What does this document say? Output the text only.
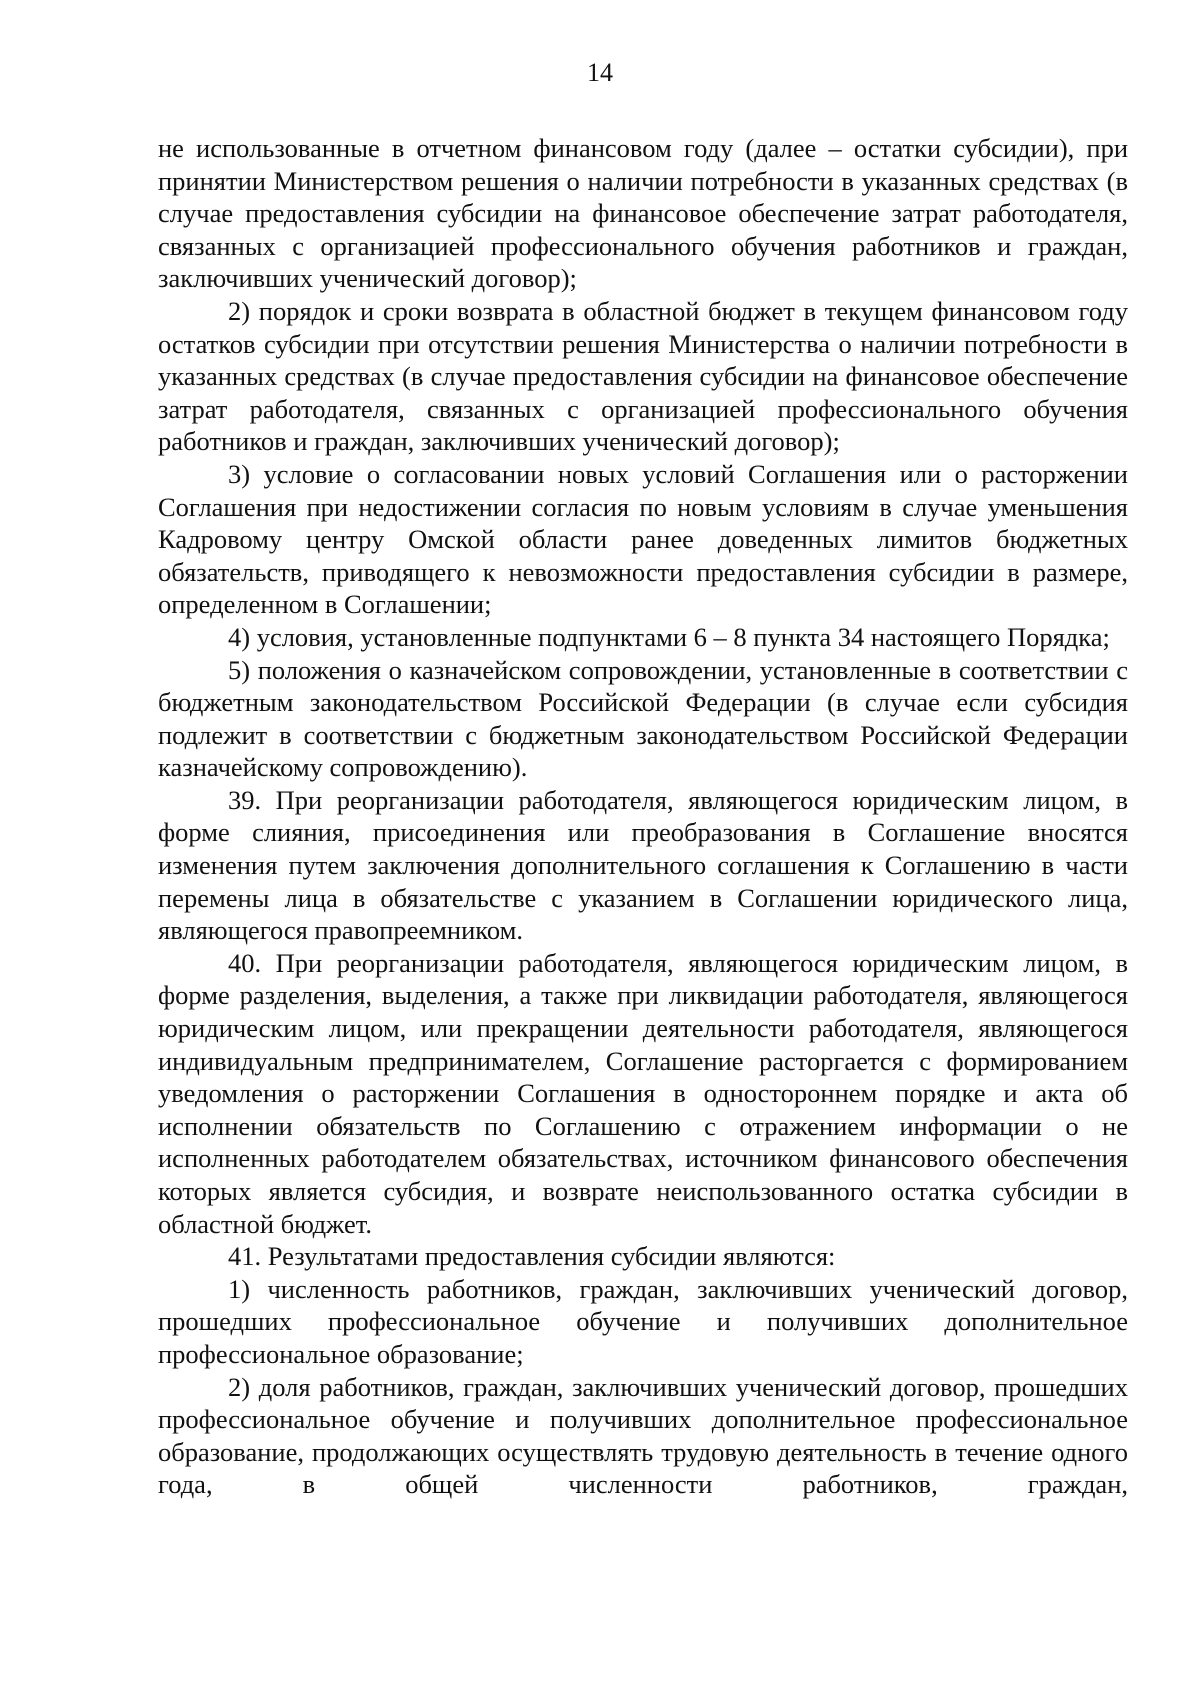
14

не использованные в отчетном финансовом году (далее – остатки субсидии), при принятии Министерством решения о наличии потребности в указанных средствах (в случае предоставления субсидии на финансовое обеспечение затрат работодателя, связанных с организацией профессионального обучения работников и граждан, заключивших ученический договор);

2) порядок и сроки возврата в областной бюджет в текущем финансовом году остатков субсидии при отсутствии решения Министерства о наличии потребности в указанных средствах (в случае предоставления субсидии на финансовое обеспечение затрат работодателя, связанных с организацией профессионального обучения работников и граждан, заключивших ученический договор);

3) условие о согласовании новых условий Соглашения или о расторжении Соглашения при недостижении согласия по новым условиям в случае уменьшения Кадровому центру Омской области ранее доведенных лимитов бюджетных обязательств, приводящего к невозможности предоставления субсидии в размере, определенном в Соглашении;

4) условия, установленные подпунктами 6 – 8 пункта 34 настоящего Порядка;

5) положения о казначейском сопровождении, установленные в соответствии с бюджетным законодательством Российской Федерации (в случае если субсидия подлежит в соответствии с бюджетным законодательством Российской Федерации казначейскому сопровождению).

39. При реорганизации работодателя, являющегося юридическим лицом, в форме слияния, присоединения или преобразования в Соглашение вносятся изменения путем заключения дополнительного соглашения к Соглашению в части перемены лица в обязательстве с указанием в Соглашении юридического лица, являющегося правопреемником.

40. При реорганизации работодателя, являющегося юридическим лицом, в форме разделения, выделения, а также при ликвидации работодателя, являющегося юридическим лицом, или прекращении деятельности работодателя, являющегося индивидуальным предпринимателем, Соглашение расторгается с формированием уведомления о расторжении Соглашения в одностороннем порядке и акта об исполнении обязательств по Соглашению с отражением информации о не исполненных работодателем обязательствах, источником финансового обеспечения которых является субсидия, и возврате неиспользованного остатка субсидии в областной бюджет.

41. Результатами предоставления субсидии являются:

1) численность работников, граждан, заключивших ученический договор, прошедших профессиональное обучение и получивших дополнительное профессиональное образование;

2) доля работников, граждан, заключивших ученический договор, прошедших профессиональное обучение и получивших дополнительное профессиональное образование, продолжающих осуществлять трудовую деятельность в течение одного года, в общей численности работников, граждан,
